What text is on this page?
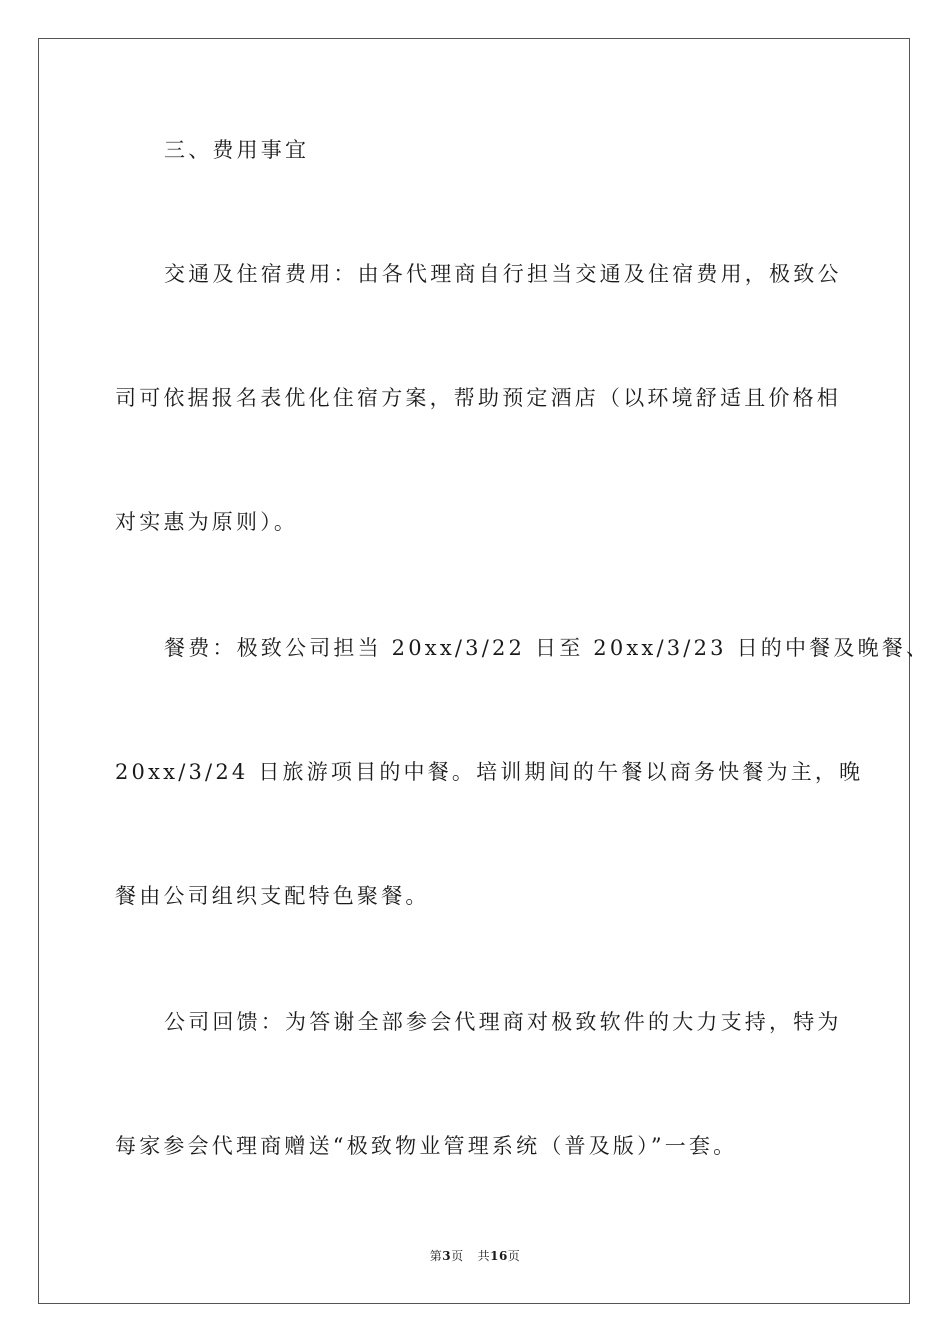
三、费用事宜
交通及住宿费用：由各代理商自行担当交通及住宿费用，极致公
司可依据报名表优化住宿方案，帮助预定酒店（以环境舒适且价格相
对实惠为原则）。
餐费：极致公司担当 20xx/3/22 日至 20xx/3/23 日的中餐及晚餐、
20xx/3/24 日旅游项目的中餐。培训期间的午餐以商务快餐为主，晚
餐由公司组织支配特色聚餐。
公司回馈：为答谢全部参会代理商对极致软件的大力支持，特为
每家参会代理商赠送“极致物业管理系统（普及版）”一套。
第3页 共16页
